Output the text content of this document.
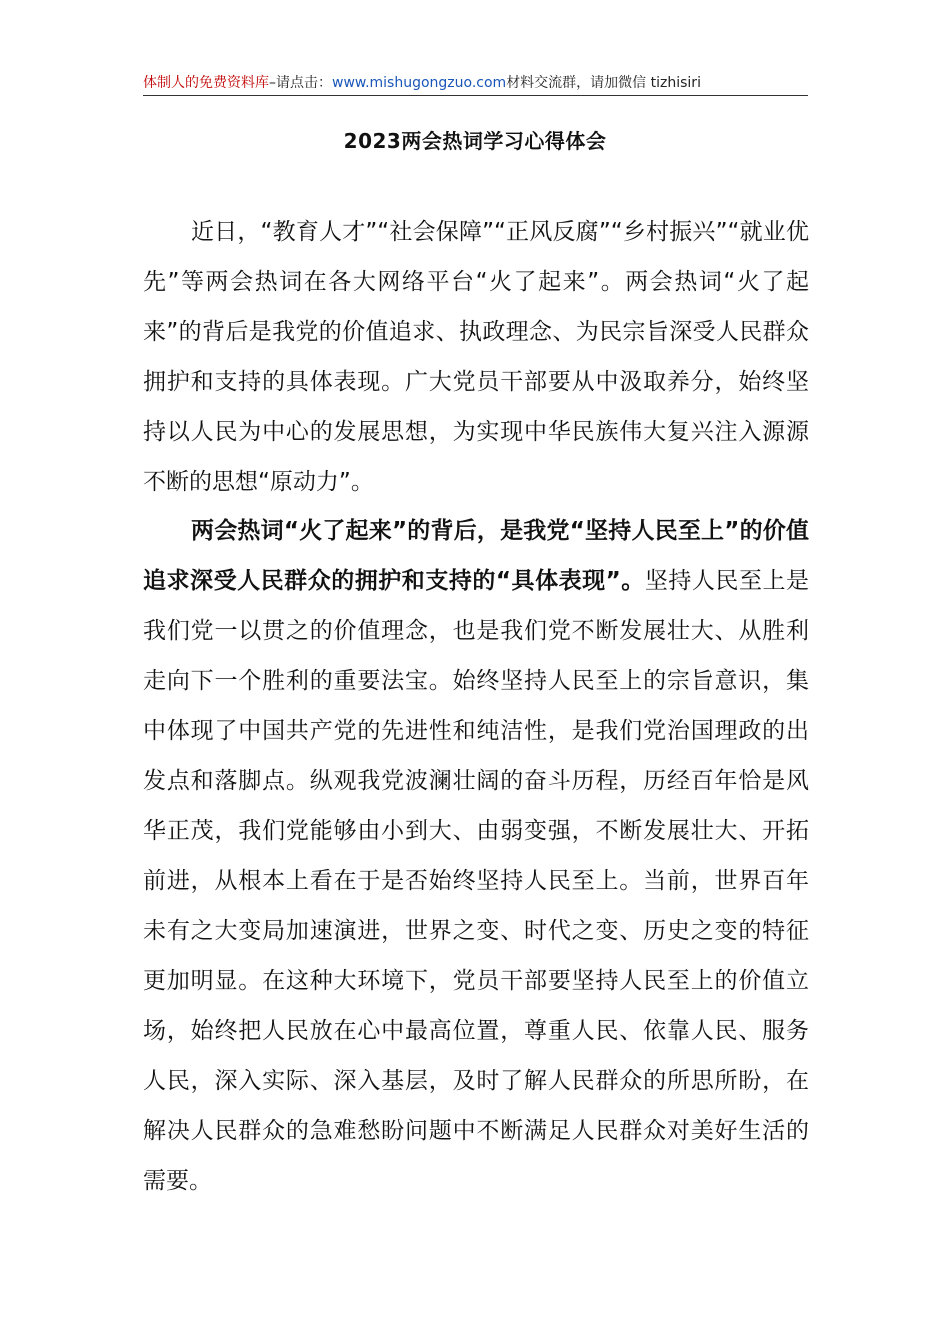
体制人的免费资料库–请点击：www.mishugongzuo.com材料交流群，请加微信 tizhisiri
2023两会热词学习心得体会

近日，“教育人才”“社会保障”“正风反腐”“乡村振兴”“就业优先”等两会热词在各大网络平台“火了起来”。两会热词“火了起来”的背后是我党的价值追求、执政理念、为民宗旨深受人民群众拥护和支持的具体表现。广大党员干部要从中汲取养分，始终坚持以人民为中心的发展思想，为实现中华民族伟大复兴注入源源不断的思想“原动力”。

两会热词“火了起来”的背后，是我党“坚持人民至上”的价值追求深受人民群众的拥护和支持的“具体表现”。坚持人民至上是我们党一以贯之的价值理念，也是我们党不断发展壮大、从胜利走向下一个胜利的重要法宝。始终坚持人民至上的宗旨意识，集中体现了中国共产党的先进性和纯洁性，是我们党治国理政的出发点和落脚点。纵观我党波澜壮阔的奋斗历程，历经百年恰是风华正茂，我们党能够由小到大、由弱变强，不断发展壮大、开拓前进，从根本上看在于是否始终坚持人民至上。当前，世界百年未有之大变局加速演进，世界之变、时代之变、历史之变的特征更加明显。在这种大环境下，党员干部要坚持人民至上的价值立场，始终把人民放在心中最高位置，尊重人民、依靠人民、服务人民，深入实际、深入基层，及时了解人民群众的所思所盼，在解决人民群众的急难愁盼问题中不断满足人民群众对美好生活的需要。
